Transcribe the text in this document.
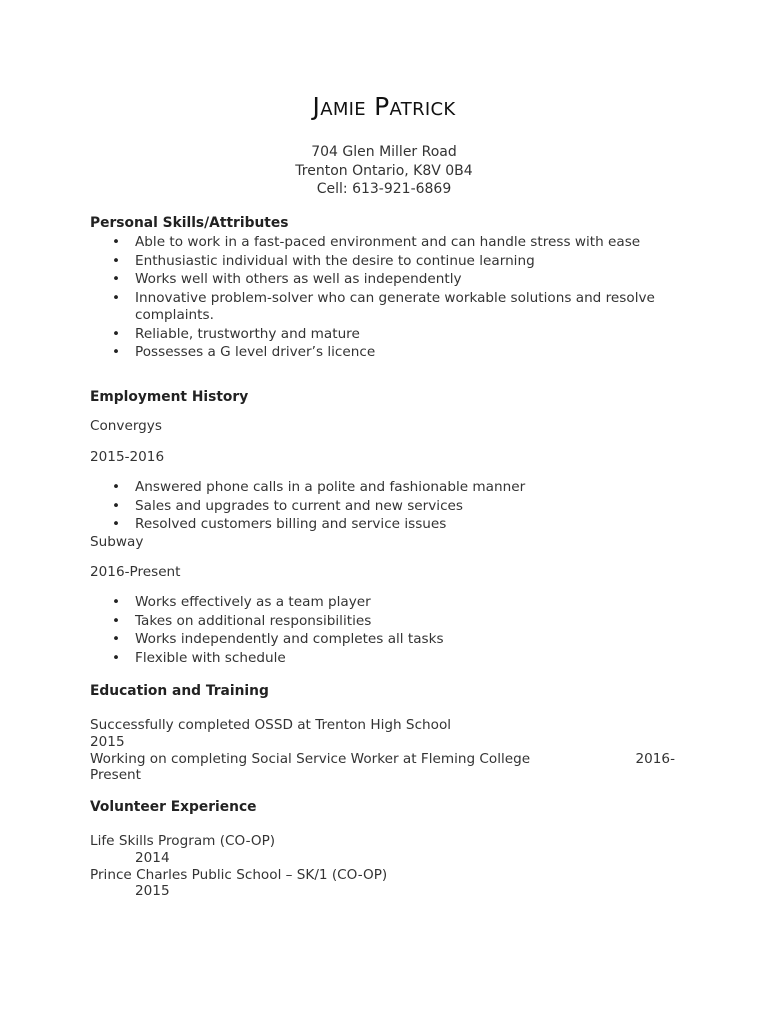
Jamie Patrick
704 Glen Miller Road
Trenton Ontario, K8V 0B4
Cell: 613-921-6869
Personal Skills/Attributes
• Able to work in a fast-paced environment and can handle stress with ease
• Enthusiastic individual with the desire to continue learning
• Works well with others as well as independently
• Innovative problem-solver who can generate workable solutions and resolve complaints.
• Reliable, trustworthy and mature
• Possesses a G level driver’s licence
Employment History
Convergys
2015-2016
• Answered phone calls in a polite and fashionable manner
• Sales and upgrades to current and new services
• Resolved customers billing and service issues
Subway
2016-Present
• Works effectively as a team player
• Takes on additional responsibilities
• Works independently and completes all tasks
• Flexible with schedule
Education and Training
Successfully completed OSSD at Trenton High School
2015
Working on completing Social Service Worker at Fleming College	2016-
Present
Volunteer Experience
Life Skills Program (CO-OP)
2014
Prince Charles Public School – SK/1 (CO-OP)
2015
